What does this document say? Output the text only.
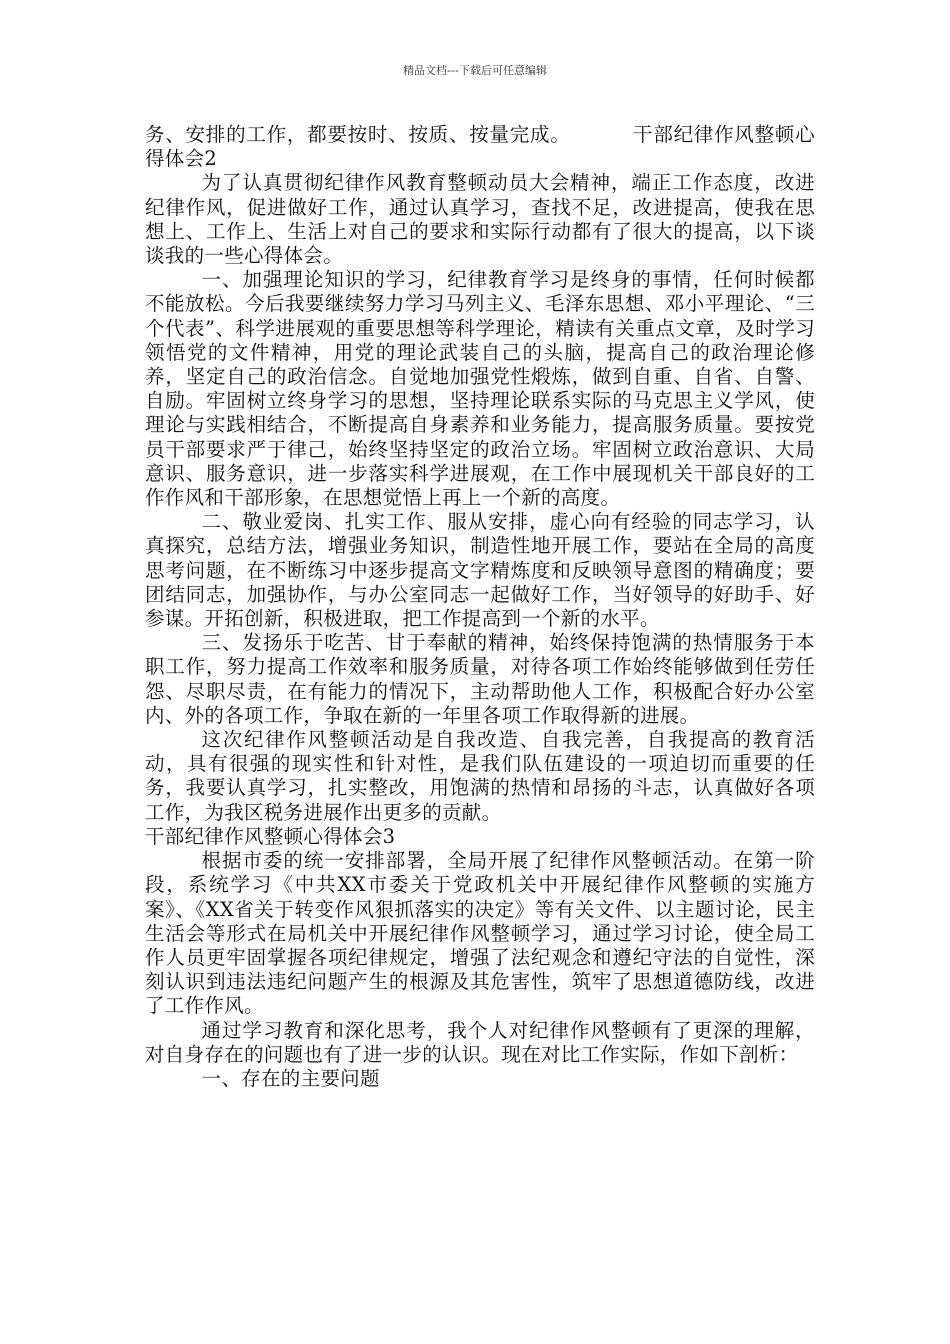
精品文档---下载后可任意编辑

务、安排的工作，都要按时、按质、按量完成。	干部纪律作风整顿心得体会2

为了认真贯彻纪律作风教育整顿动员大会精神，端正工作态度，改进纪律作风，促进做好工作，通过认真学习，查找不足，改进提高，使我在思想上、工作上、生活上对自己的要求和实际行动都有了很大的提高，以下谈谈我的一些心得体会。

一、加强理论知识的学习，纪律教育学习是终身的事情，任何时候都不能放松。今后我要继续努力学习马列主义、毛泽东思想、邓小平理论、“三个代表”、科学进展观的重要思想等科学理论，精读有关重点文章，及时学习领悟党的文件精神，用党的理论武装自己的头脑，提高自己的政治理论修养，坚定自己的政治信念。自觉地加强党性煅炼，做到自重、自省、自警、自励。牢固树立终身学习的思想，坚持理论联系实际的马克思主义学风，使理论与实践相结合，不断提高自身素养和业务能力，提高服务质量。要按党员干部要求严于律己，始终坚持坚定的政治立场。牢固树立政治意识、大局意识、服务意识，进一步落实科学进展观，在工作中展现机关干部良好的工作作风和干部形象，在思想觉悟上再上一个新的高度。

二、敬业爱岗、扎实工作、服从安排，虚心向有经验的同志学习，认真探究，总结方法，增强业务知识，制造性地开展工作，要站在全局的高度思考问题，在不断练习中逐步提高文字精炼度和反映领导意图的精确度；要团结同志，加强协作，与办公室同志一起做好工作，当好领导的好助手、好参谋。开拓创新，积极进取，把工作提高到一个新的水平。

三、发扬乐于吃苦、甘于奉献的精神，始终保持饱满的热情服务于本职工作，努力提高工作效率和服务质量，对待各项工作始终能够做到任劳任怨、尽职尽责，在有能力的情况下，主动帮助他人工作，积极配合好办公室内、外的各项工作，争取在新的一年里各项工作取得新的进展。

这次纪律作风整顿活动是自我改造、自我完善，自我提高的教育活动，具有很强的现实性和针对性，是我们队伍建设的一项迫切而重要的任务，我要认真学习，扎实整改，用饱满的热情和昂扬的斗志，认真做好各项工作，为我区税务进展作出更多的贡献。

干部纪律作风整顿心得体会3

根据市委的统一安排部署，全局开展了纪律作风整顿活动。在第一阶段，系统学习《中共XX市委关于党政机关中开展纪律作风整顿的实施方案》、《XX省关于转变作风狠抓落实的决定》等有关文件、以主题讨论，民主生活会等形式在局机关中开展纪律作风整顿学习，通过学习讨论，使全局工作人员更牢固掌握各项纪律规定，增强了法纪观念和遵纪守法的自觉性，深刻认识到违法违纪问题产生的根源及其危害性，筑牢了思想道德防线，改进了工作作风。

通过学习教育和深化思考，我个人对纪律作风整顿有了更深的理解，对自身存在的问题也有了进一步的认识。现在对比工作实际，作如下剖析：

一、存在的主要问题
